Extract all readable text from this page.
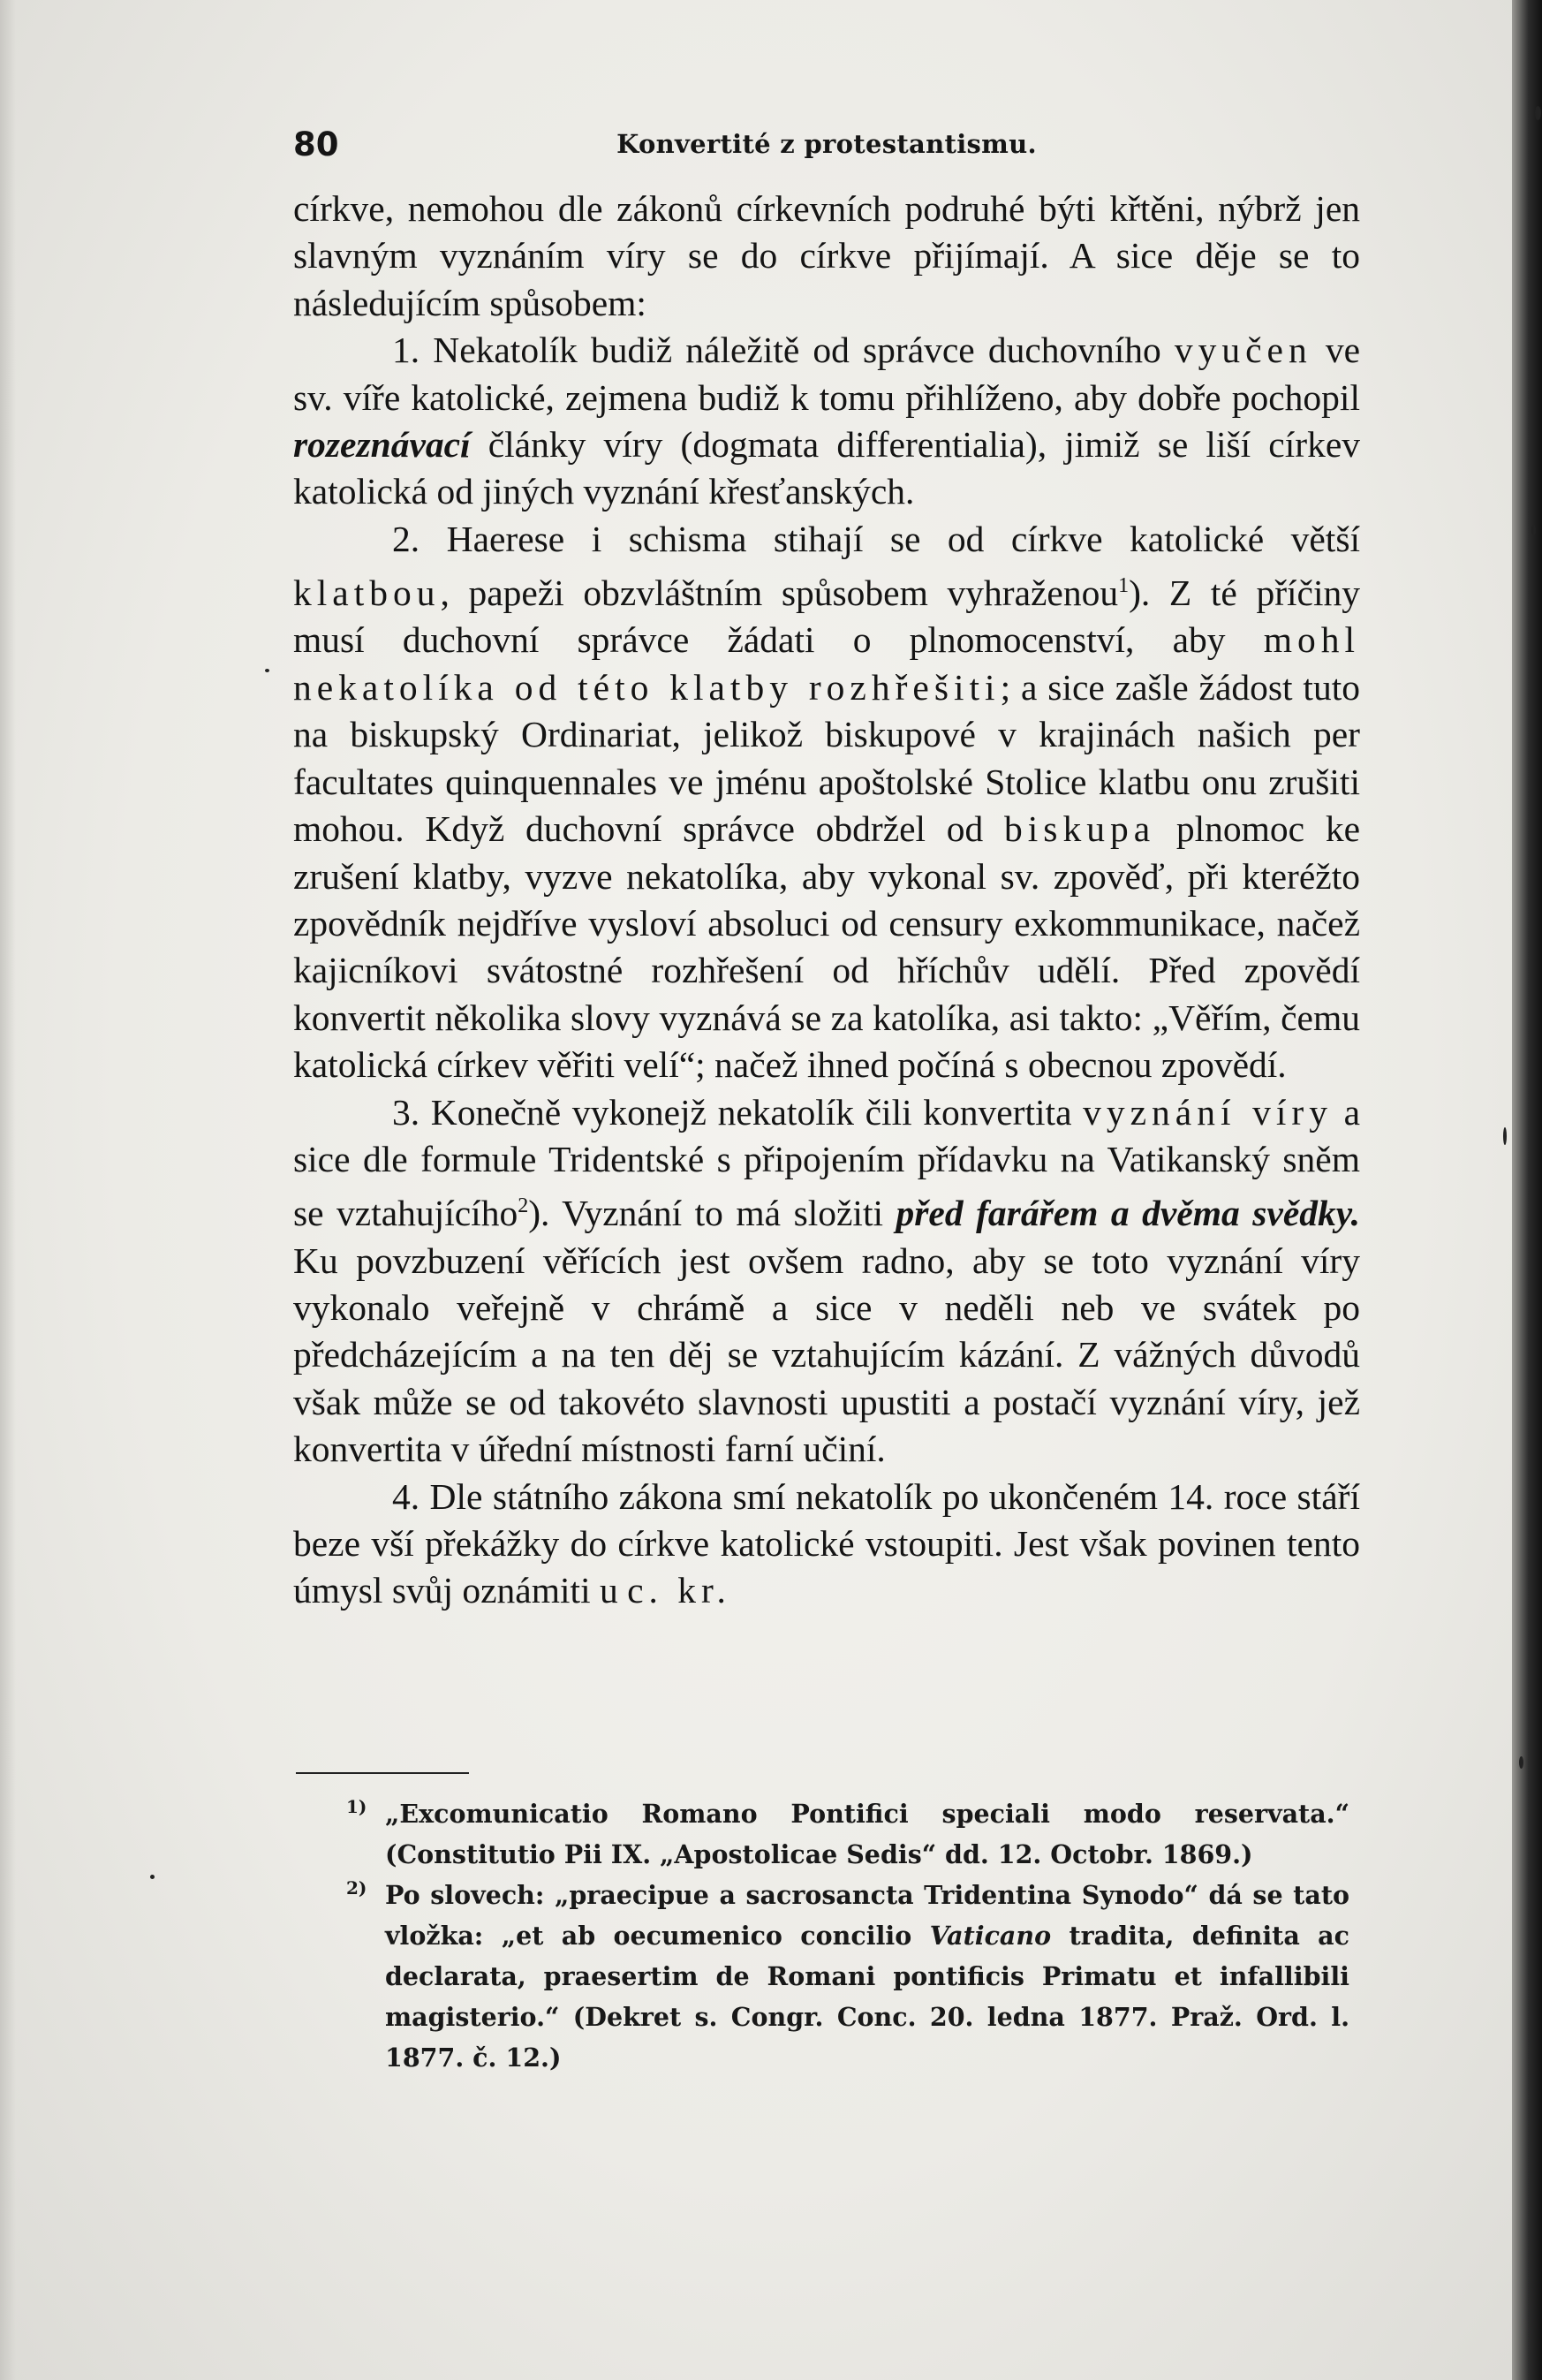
80	Konvertité z protestantismu.

církve, nemohou dle zákonů církevních podruhé býti křtěni, nýbrž jen slavným vyznáním víry se do církve přijímají. A sice děje se to následujícím spůsobem:

1. Nekatolík budiž náležitě od správce duchovního vyučen ve sv. víře katolické, zejmena budiž k tomu přihlíženo, aby dobře pochopil rozeznávací články víry (dogmata differentialia), jimiž se liší církev katolická od jiných vyznání křesťanských.

2. Haerese i schisma stihají se od církve katolické větší klatbou, papeži obzvláštním spůsobem vyhraženou$^1$). Z té příčiny musí duchovní správce žádati o plnomocenství, aby mohl nekatolíka od této klatby rozhřešiti; a sice zašle žádost tuto na biskupský Ordinariat, jelikož biskupové v krajinách našich per facultates quinquennales ve jménu apoštolské Stolice klatbu onu zrušiti mohou. Když duchovní správce obdržel od biskupa plnomoc ke zrušení klatby, vyzve nekatolíka, aby vykonal sv. zpověď, při kteréžto zpovědník nejdříve vysloví absoluci od censury exkommunikace, načež kajicníkovi svátostné rozhřešení od hříchův udělí. Před zpovědí konvertit několika slovy vyznává se za katolíka, asi takto: „Věřím, čemu katolická církev věřiti velí“; načež ihned počíná s obecnou zpovědí.

3. Konečně vykonejž nekatolík čili konvertita vyznání víry a sice dle formule Tridentské s připojením přídavku na Vatikanský sněm se vztahujícího$^2$). Vyznání to má složiti před farářem a dvěma svědky. Ku povzbuzení věřících jest ovšem radno, aby se toto vyznání víry vykonalo veřejně v chrámě a sice v neděli neb ve svátek po předcházejícím a na ten děj se vztahujícím kázání. Z vážných důvodů však může se od takovéto slavnosti upustiti a postačí vyznání víry, jež konvertita v úřední místnosti farní učiní.

4. Dle státního zákona smí nekatolík po ukončeném 14. roce stáří beze vší překážky do církve katolické vstoupiti. Jest však povinen tento úmysl svůj oznámiti u c. kr.

1) „Excomunicatio Romano Pontifici speciali modo reservata.“ (Constitutio Pii IX. „Apostolicae Sedis“ dd. 12. Octobr. 1869.)

2) Po slovech: „praecipue a sacrosancta Tridentina Synodo“ dá se tato vložka: „et ab oecumenico concilio Vaticano tradita, definita ac declarata, praesertim de Romani pontificis Primatu et infallibili magisterio.“ (Dekret s. Congr. Conc. 20. ledna 1877. Praž. Ord. l. 1877. č. 12.)
